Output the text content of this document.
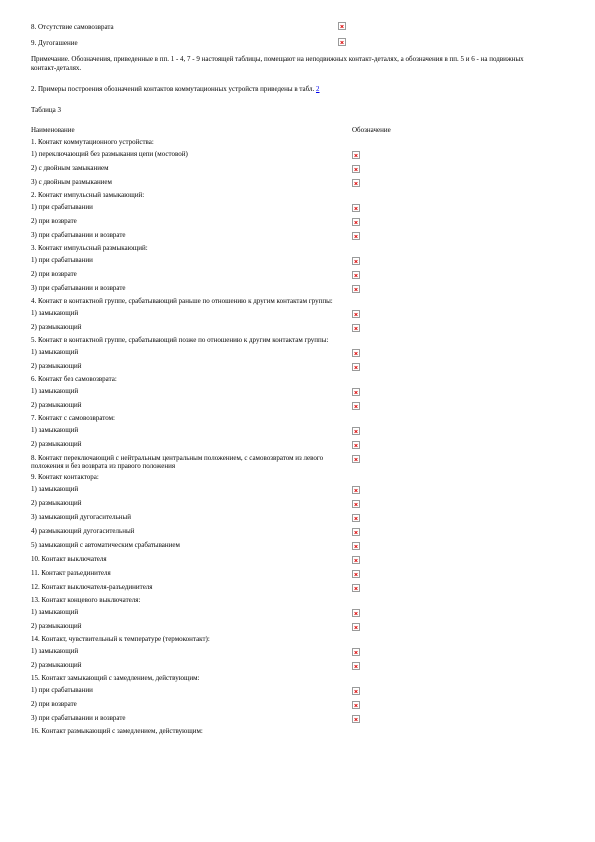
8. Отсутствие самовозврата
9. Дугогашение
Примечание. Обозначения, приведенные в пп. 1 - 4, 7 - 9 настоящей таблицы, помещают на неподвижных контакт-деталях, а обозначения в пп. 5 и 6 - на подвижных контакт-деталях.
2. Примеры построения обозначений контактов коммутационных устройств приведены в табл. 2
Таблица 3
Наименование	Обозначение
1. Контакт коммутационного устройства:
1) переключающий без размыкания цепи (мостовой)
2) с двойным замыканием
3) с двойным размыканием
2. Контакт импульсный замыкающий:
1) при срабатывании
2) при возврате
3) при срабатывании и возврате
3. Контакт импульсный размыкающий:
1) при срабатывании
2) при возврате
3) при срабатывании и возврате
4. Контакт в контактной группе, срабатывающий раньше по отношению к другим контактам группы:
1) замыкающий
2) размыкающий
5. Контакт в контактной группе, срабатывающий позже по отношению к другим контактам группы:
1) замыкающий
2) размыкающий
6. Контакт без самовозврата:
1) замыкающий
2) размыкающий
7. Контакт с самовозвратом:
1) замыкающий
2) размыкающий
8. Контакт переключающий с нейтральным центральным положением, с самовозвратом из левого положения и без возврата из правого положения
9. Контакт контактора:
1) замыкающий
2) размыкающий
3) замыкающий дугогасительный
4) размыкающий дугогасительный
5) замыкающий с автоматическим срабатыванием
10. Контакт выключателя
11. Контакт разъединителя
12. Контакт выключателя-разъединителя
13. Контакт концевого выключателя:
1) замыкающий
2) размыкающий
14. Контакт, чувствительный к температуре (термоконтакт):
1) замыкающий
2) размыкающий
15. Контакт замыкающий с замедлением, действующим:
1) при срабатывании
2) при возврате
3) при срабатывании и возврате
16. Контакт размыкающий с замедлением, действующим:
